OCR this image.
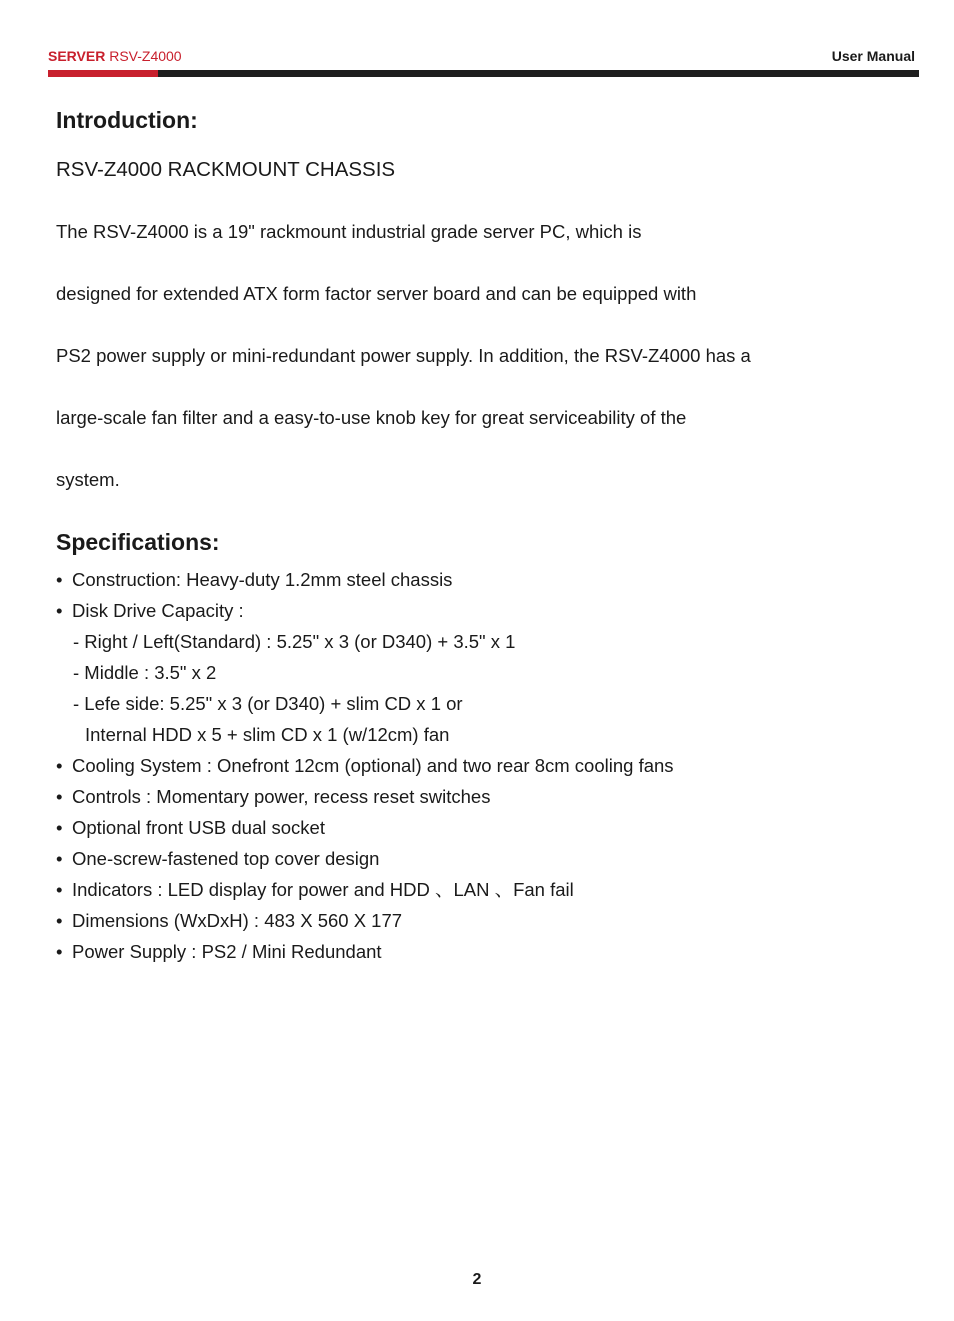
SERVER RSV-Z4000	User Manual
Introduction:
RSV-Z4000 RACKMOUNT CHASSIS

The RSV-Z4000 is a 19" rackmount industrial grade server PC, which is

designed for extended ATX form factor server board and can be equipped with

PS2 power supply or mini-redundant power supply. In addition, the RSV-Z4000 has a

large-scale fan filter and a easy-to-use knob key for great serviceability of the

system.

Specifications:
• Construction: Heavy-duty 1.2mm steel chassis
• Disk Drive Capacity :
- Right / Left(Standard) : 5.25" x 3 (or D340) + 3.5" x 1
- Middle : 3.5" x 2
- Lefe side: 5.25" x 3 (or D340) + slim CD x 1 or
Internal HDD x 5 + slim CD x 1 (w/12cm) fan
• Cooling System : Onefront 12cm (optional) and two rear 8cm cooling fans
• Controls : Momentary power, recess reset switches
• Optional front USB dual socket
• One-screw-fastened top cover design
• Indicators : LED display for power and HDD 、LAN 、Fan fail
• Dimensions (WxDxH) : 483 X 560 X 177
• Power Supply : PS2 / Mini Redundant
2
